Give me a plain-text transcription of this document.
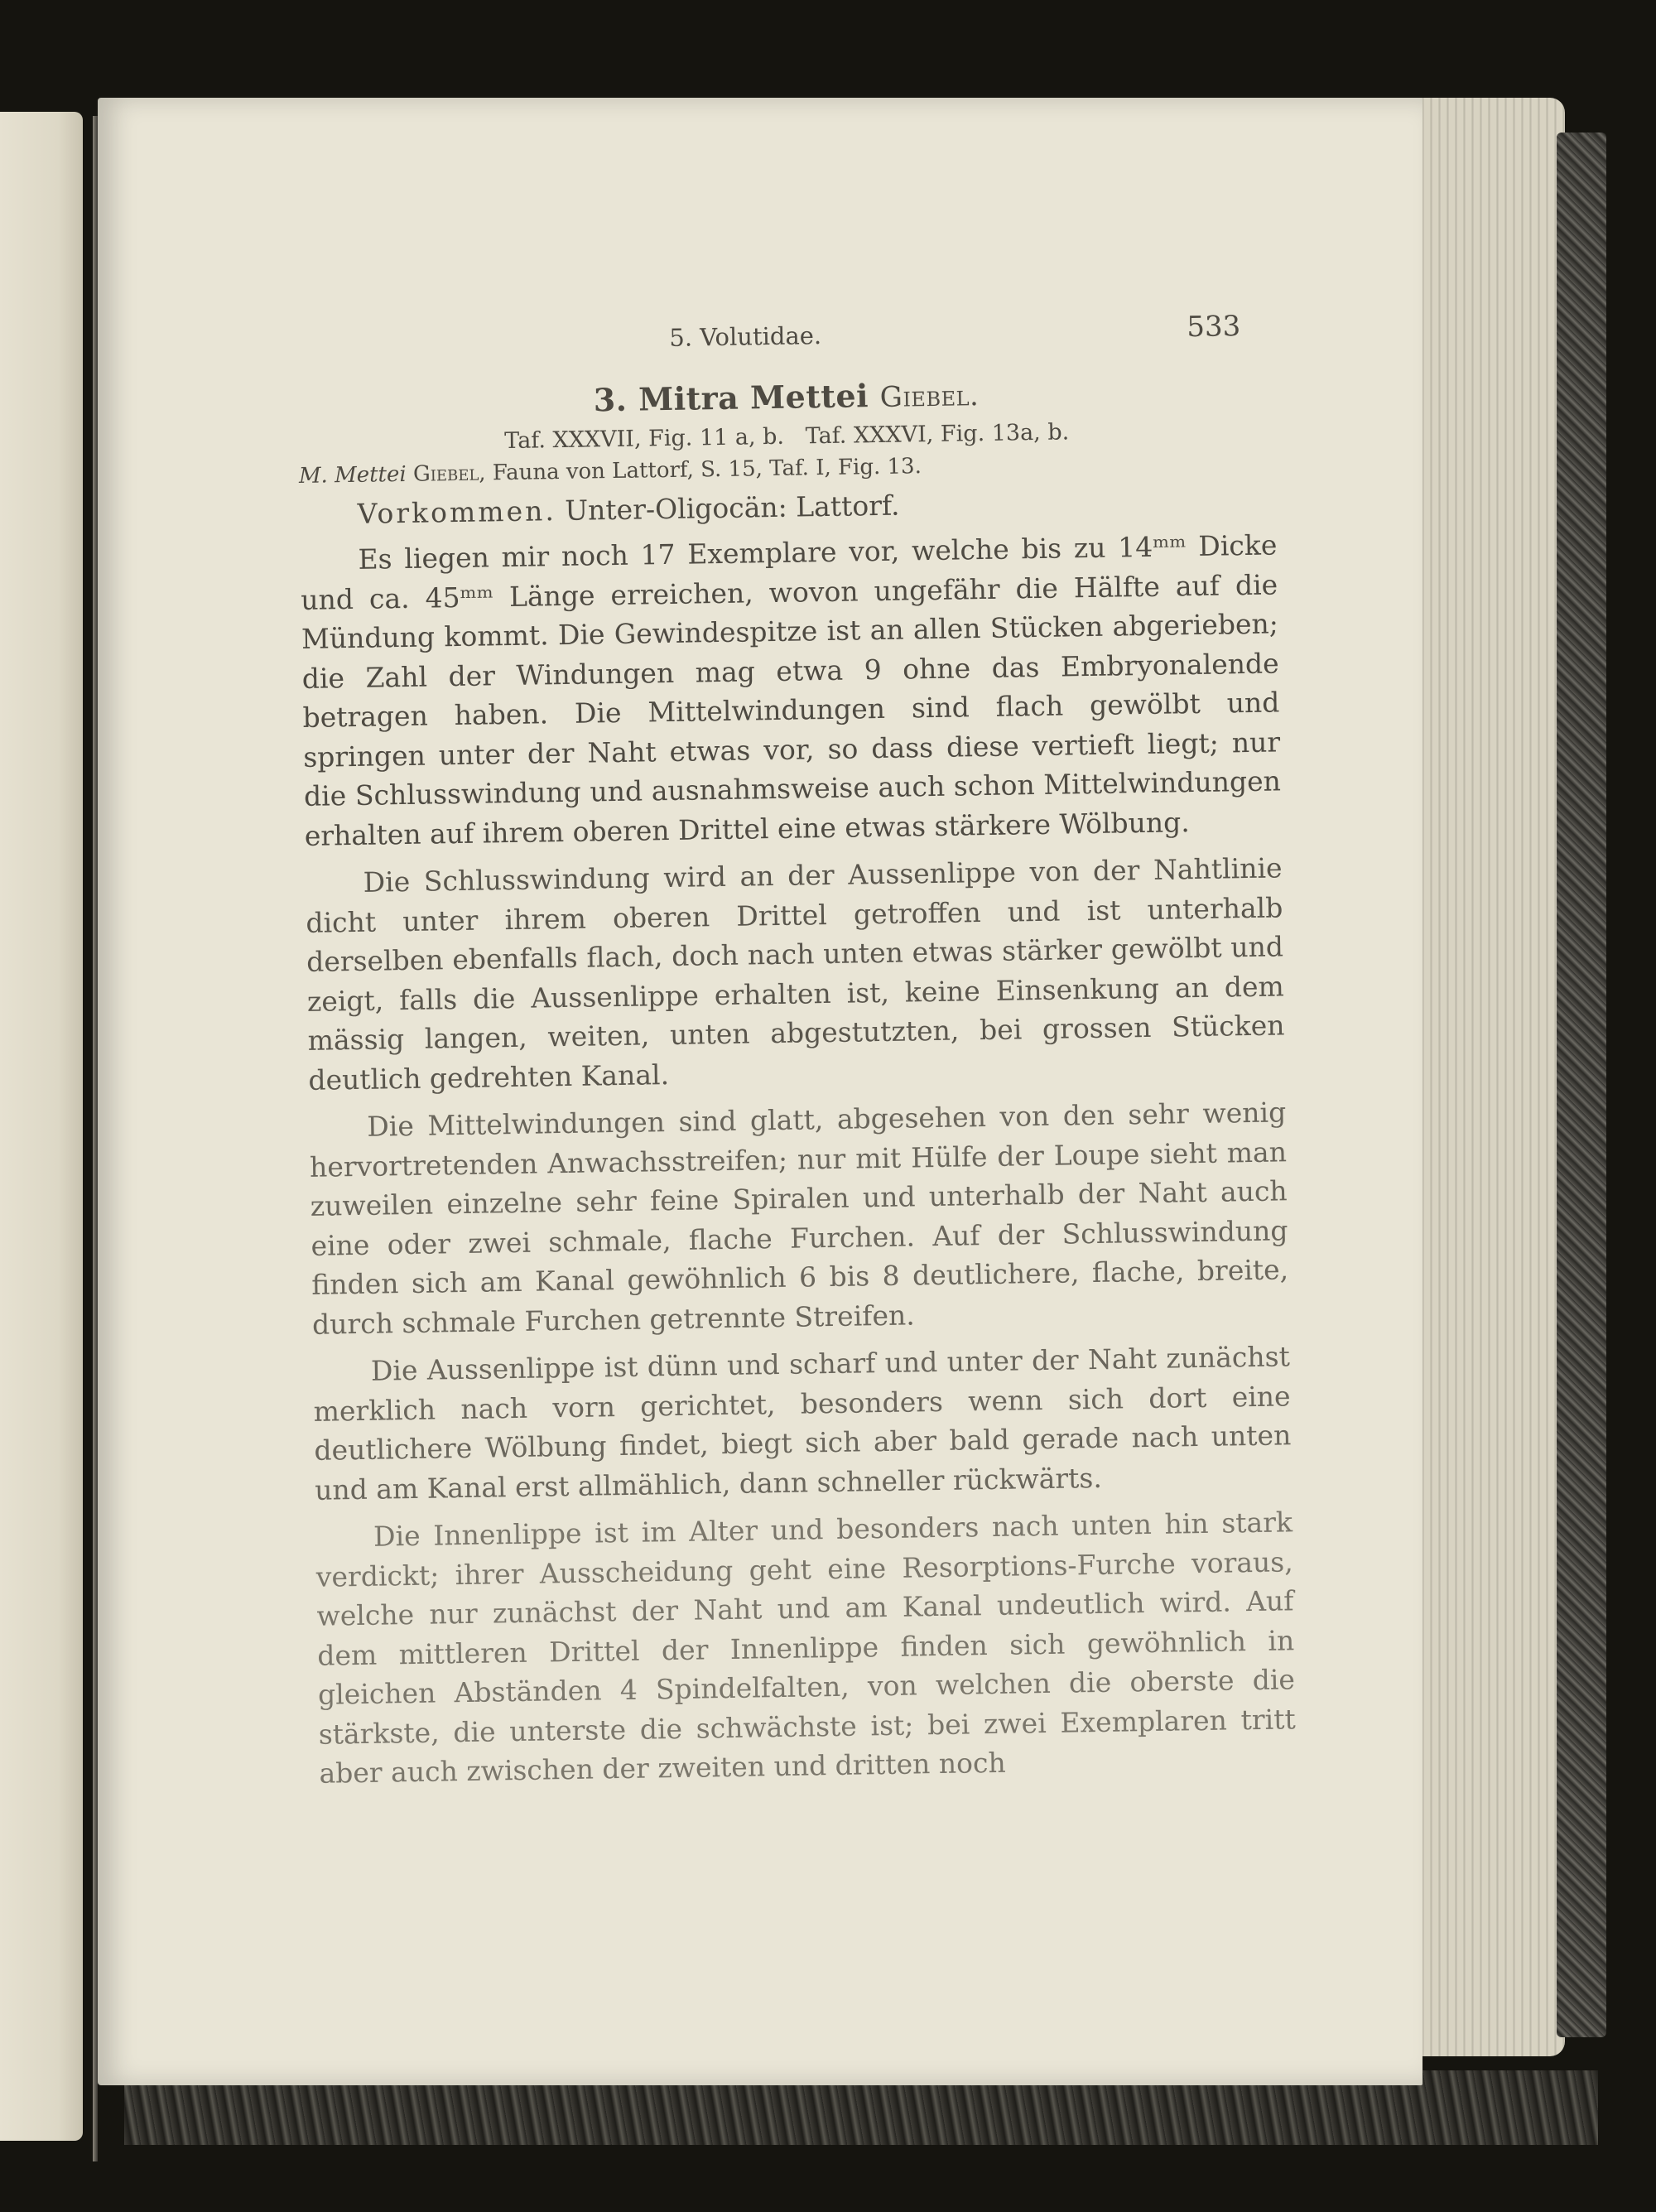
5. Volutidae.	533
3. Mitra Mettei Giebel.
Taf. XXXVII, Fig. 11 a, b.   Taf. XXXVI, Fig. 13a, b.
M. Mettei Giebel, Fauna von Lattorf, S. 15, Taf. I, Fig. 13.
Vorkommen. Unter-Oligocän: Lattorf.

Es liegen mir noch 17 Exemplare vor, welche bis zu 14ᵐᵐ Dicke und ca. 45ᵐᵐ Länge erreichen, wovon ungefähr die Hälfte auf die Mündung kommt. Die Gewindespitze ist an allen Stücken abgerieben; die Zahl der Windungen mag etwa 9 ohne das Embryonalende betragen haben. Die Mittelwindungen sind flach gewölbt und springen unter der Naht etwas vor, so dass diese vertieft liegt; nur die Schlusswindung und ausnahmsweise auch schon Mittelwindungen erhalten auf ihrem oberen Drittel eine etwas stärkere Wölbung.

Die Schlusswindung wird an der Aussenlippe von der Nahtlinie dicht unter ihrem oberen Drittel getroffen und ist unterhalb derselben ebenfalls flach, doch nach unten etwas stärker gewölbt und zeigt, falls die Aussenlippe erhalten ist, keine Einsenkung an dem mässig langen, weiten, unten abgestutzten, bei grossen Stücken deutlich gedrehten Kanal.

Die Mittelwindungen sind glatt, abgesehen von den sehr wenig hervortretenden Anwachsstreifen; nur mit Hülfe der Loupe sieht man zuweilen einzelne sehr feine Spiralen und unterhalb der Naht auch eine oder zwei schmale, flache Furchen. Auf der Schlusswindung finden sich am Kanal gewöhnlich 6 bis 8 deutlichere, flache, breite, durch schmale Furchen getrennte Streifen.

Die Aussenlippe ist dünn und scharf und unter der Naht zunächst merklich nach vorn gerichtet, besonders wenn sich dort eine deutlichere Wölbung findet, biegt sich aber bald gerade nach unten und am Kanal erst allmählich, dann schneller rückwärts.

Die Innenlippe ist im Alter und besonders nach unten hin stark verdickt; ihrer Ausscheidung geht eine Resorptions-Furche voraus, welche nur zunächst der Naht und am Kanal undeutlich wird. Auf dem mittleren Drittel der Innenlippe finden sich gewöhnlich in gleichen Abständen 4 Spindelfalten, von welchen die oberste die stärkste, die unterste die schwächste ist; bei zwei Exemplaren tritt aber auch zwischen der zweiten und dritten noch
